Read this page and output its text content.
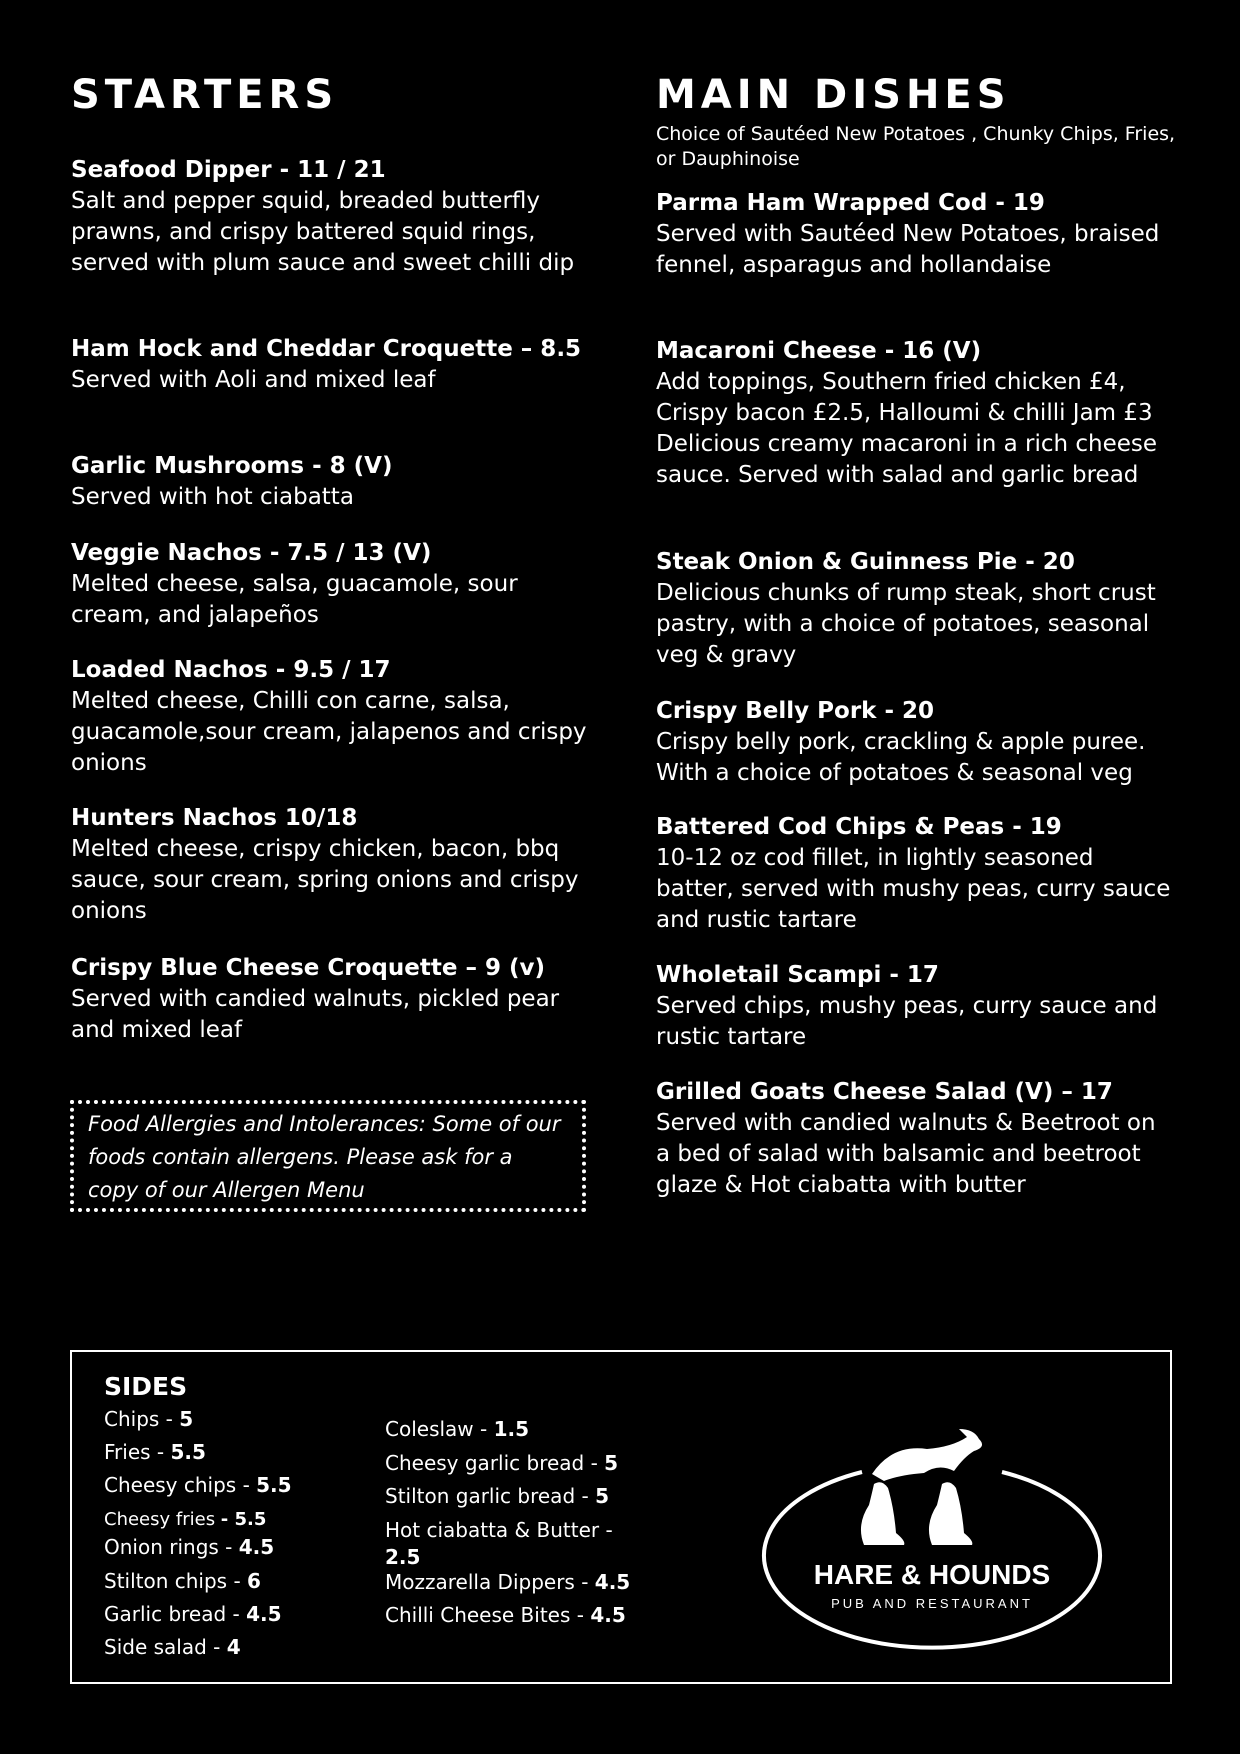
STARTERS	MAIN DISHES
Choice of Sautéed New Potatoes , Chunky Chips, Fries, or Dauphinoise
Seafood Dipper - 11 / 21
Salt and pepper squid, breaded butterfly prawns, and crispy battered squid rings, served with plum sauce and sweet chilli dip
Ham Hock and Cheddar Croquette – 8.5
Served with Aoli and mixed leaf
Garlic Mushrooms - 8 (V)
Served with hot ciabatta
Veggie Nachos - 7.5 / 13 (V)
Melted cheese, salsa, guacamole, sour cream, and jalapeños
Loaded Nachos - 9.5 / 17
Melted cheese, Chilli con carne, salsa, guacamole,sour cream, jalapenos and crispy onions
Hunters Nachos 10/18
Melted cheese, crispy chicken, bacon, bbq sauce, sour cream, spring onions and crispy onions
Crispy Blue Cheese Croquette – 9 (v)
Served with candied walnuts, pickled pear and mixed leaf
Parma Ham Wrapped Cod - 19
Served with Sautéed New Potatoes, braised fennel, asparagus and hollandaise
Macaroni Cheese - 16 (V)
Add toppings, Southern fried chicken £4, Crispy bacon £2.5, Halloumi & chilli Jam £3 Delicious creamy macaroni in a rich cheese sauce. Served with salad and garlic bread
Steak Onion & Guinness Pie - 20
Delicious chunks of rump steak, short crust pastry, with a choice of potatoes, seasonal veg & gravy
Crispy Belly Pork - 20
Crispy belly pork, crackling & apple puree. With a choice of potatoes & seasonal veg
Battered Cod Chips & Peas - 19
10-12 oz cod fillet, in lightly seasoned batter, served with mushy peas, curry sauce and rustic tartare
Wholetail Scampi - 17
Served chips, mushy peas, curry sauce and rustic tartare
Grilled Goats Cheese Salad (V) – 17
Served with candied walnuts & Beetroot on a bed of salad with balsamic and beetroot glaze & Hot ciabatta with butter
Food Allergies and Intolerances: Some of our foods contain allergens. Please ask for a copy of our Allergen Menu
SIDES
Chips - 5
Fries - 5.5
Cheesy chips - 5.5
Cheesy fries - 5.5
Onion rings - 4.5
Stilton chips - 6
Garlic bread - 4.5
Side salad - 4
Coleslaw - 1.5
Cheesy garlic bread - 5
Stilton garlic bread - 5
Hot ciabatta & Butter -
2.5
Mozzarella Dippers - 4.5
Chilli Cheese Bites - 4.5
HARE & HOUNDS
PUB AND RESTAURANT
